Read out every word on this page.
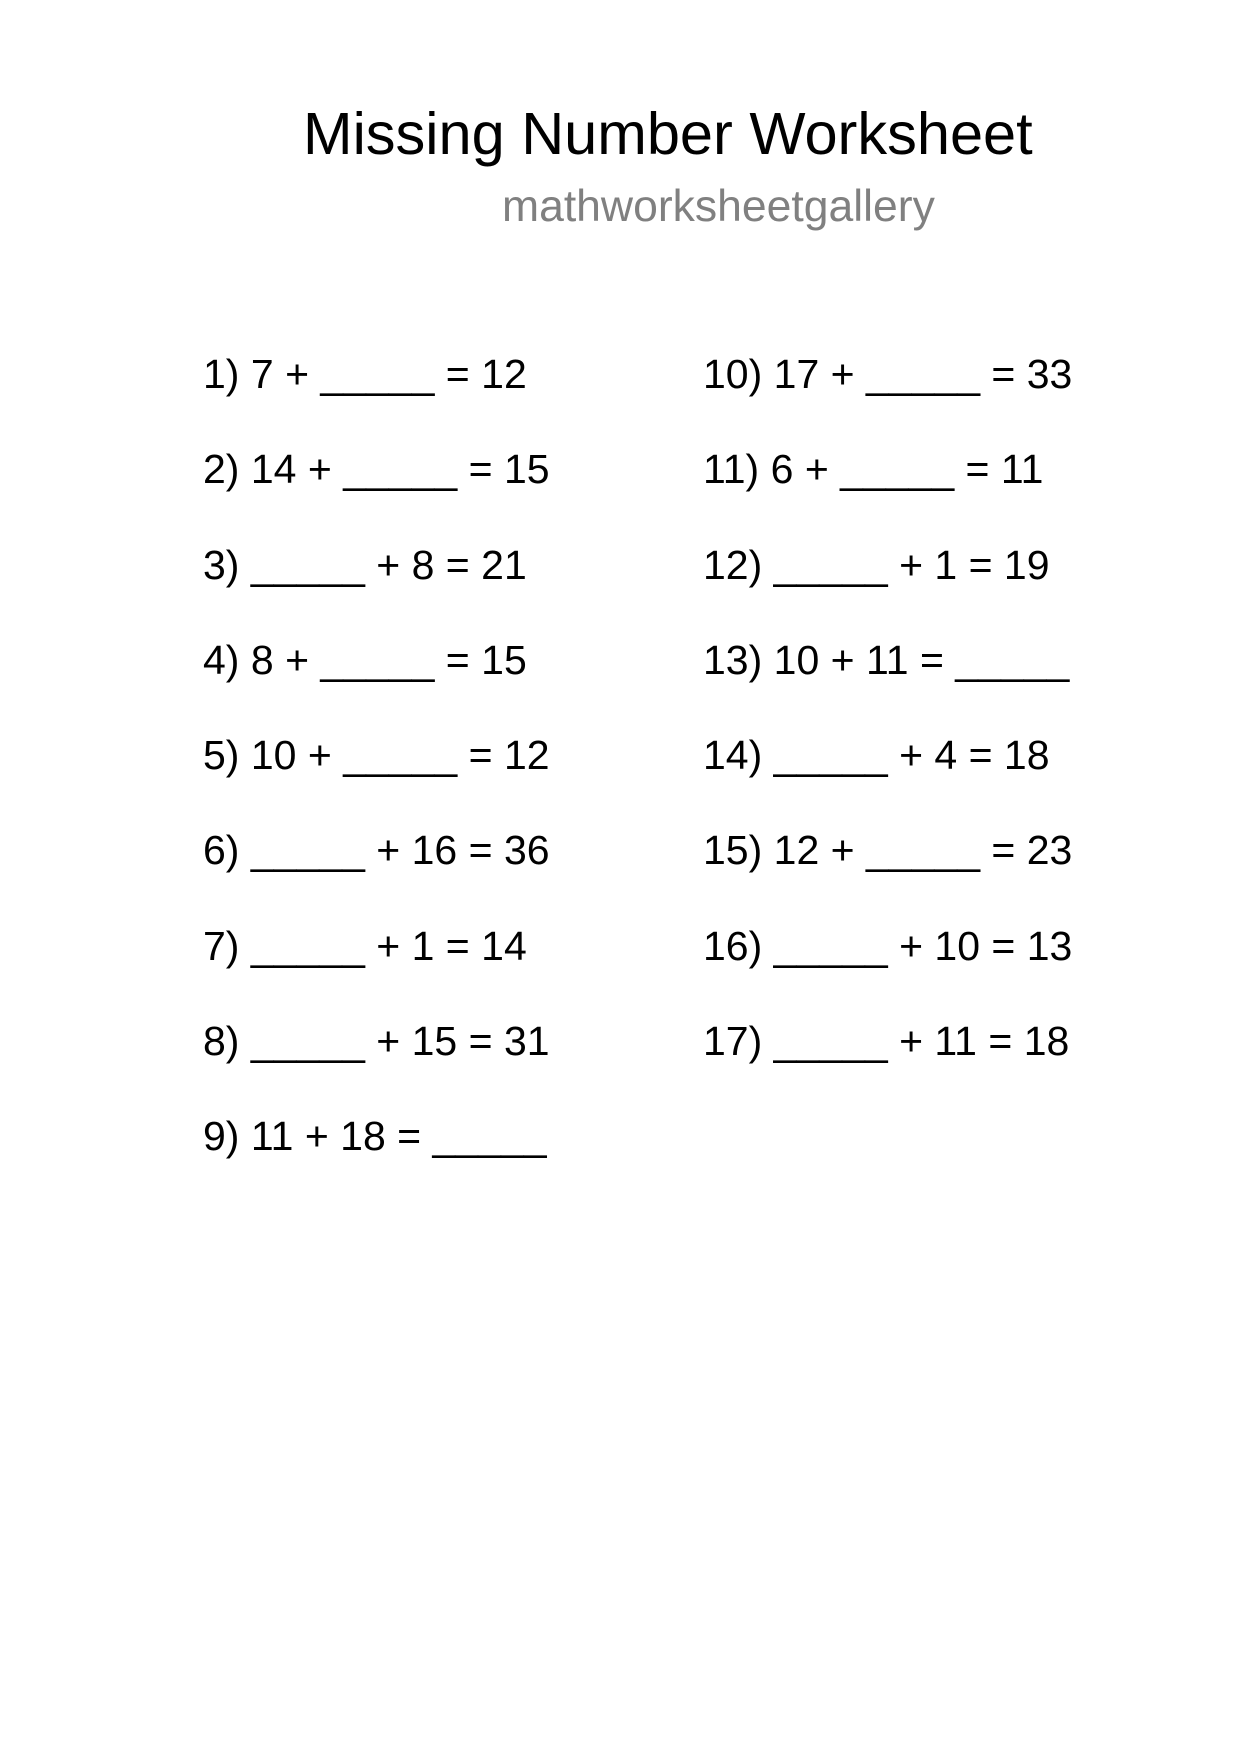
Missing Number Worksheet
mathworksheetgallery
1) 7 + _____ = 12
2) 14 + _____ = 15
3) _____ + 8 = 21
4) 8 + _____ = 15
5) 10 + _____ = 12
6) _____ + 16 = 36
7) _____ + 1 = 14
8) _____ + 15 = 31
9) 11 + 18 = _____
10) 17 + _____ = 33
11) 6 + _____ = 11
12) _____ + 1 = 19
13) 10 + 11 = _____
14) _____ + 4 = 18
15) 12 + _____ = 23
16) _____ + 10 = 13
17) _____ + 11 = 18
